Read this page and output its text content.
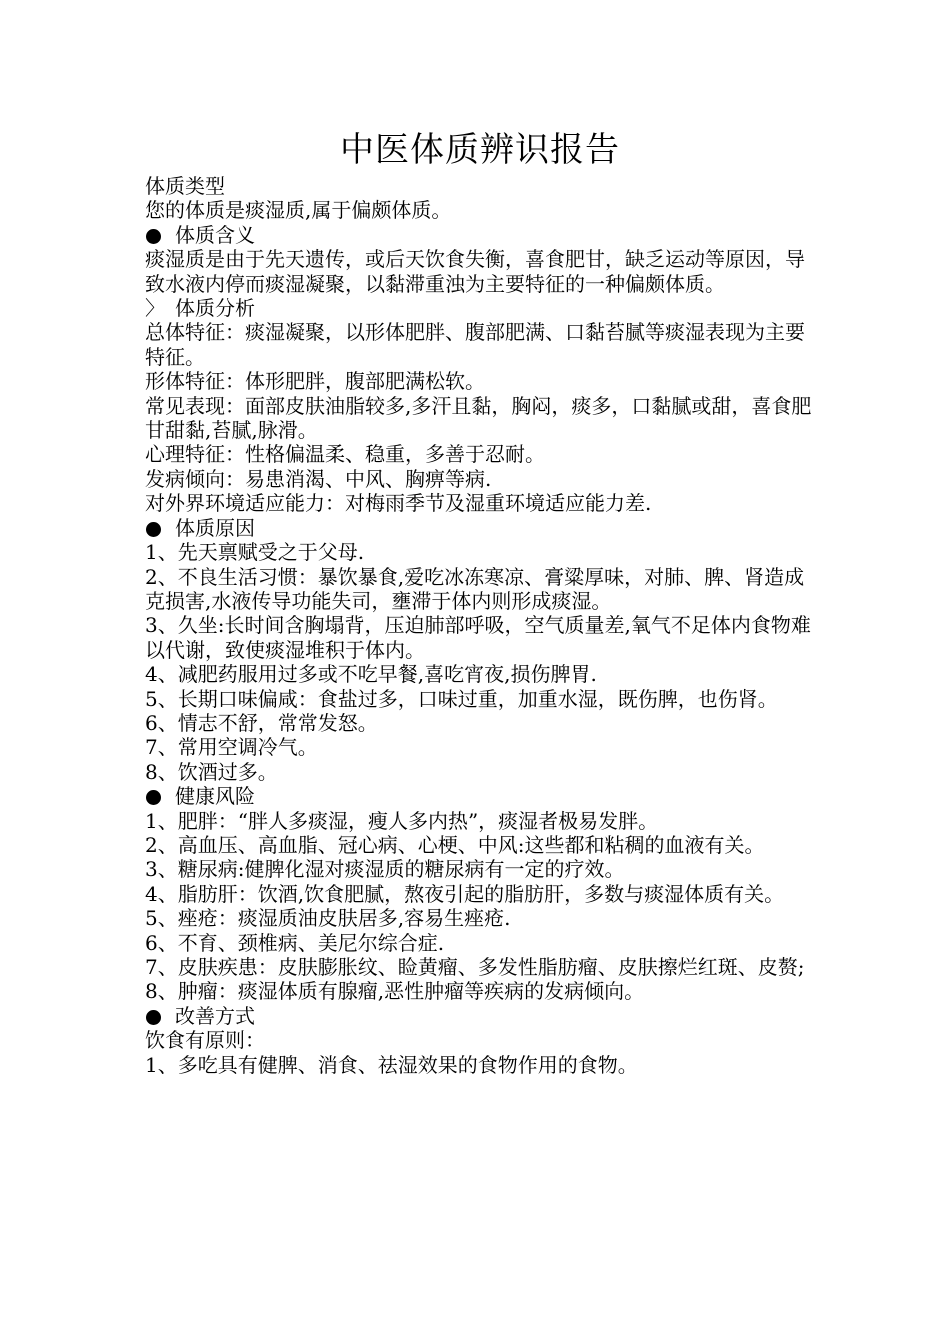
中医体质辨识报告

体质类型

您的体质是痰湿质,属于偏颇体质。

体质含义

痰湿质是由于先天遗传，或后天饮食失衡，喜食肥甘，缺乏运动等原因，导致水液内停而痰湿凝聚，以黏滞重浊为主要特征的一种偏颇体质。

〉 体质分析

总体特征：痰湿凝聚，以形体肥胖、腹部肥满、口黏苔腻等痰湿表现为主要特征。

形体特征：体形肥胖，腹部肥满松软。

常见表现：面部皮肤油脂较多,多汗且黏，胸闷，痰多，口黏腻或甜，喜食肥甘甜黏,苔腻,脉滑。

心理特征：性格偏温柔、稳重，多善于忍耐。

发病倾向：易患消渴、中风、胸痹等病.

对外界环境适应能力：对梅雨季节及湿重环境适应能力差.

体质原因

1、先天禀赋受之于父母.

2、不良生活习惯：暴饮暴食,爱吃冰冻寒凉、膏粱厚味，对肺、脾、肾造成克损害,水液传导功能失司，壅滞于体内则形成痰湿。

3、久坐:长时间含胸塌背，压迫肺部呼吸，空气质量差,氧气不足体内食物难以代谢，致使痰湿堆积于体内。

4、减肥药服用过多或不吃早餐,喜吃宵夜,损伤脾胃.

5、长期口味偏咸：食盐过多，口味过重，加重水湿，既伤脾，也伤肾。

6、情志不舒，常常发怒。

7、常用空调冷气。

8、饮酒过多。

健康风险

1、肥胖：“胖人多痰湿，瘦人多内热”，痰湿者极易发胖。

2、高血压、高血脂、冠心病、心梗、中风:这些都和粘稠的血液有关。

3、糖尿病:健脾化湿对痰湿质的糖尿病有一定的疗效。

4、脂肪肝：饮酒,饮食肥腻，熬夜引起的脂肪肝，多数与痰湿体质有关。

5、痤疮：痰湿质油皮肤居多,容易生痤疮.

6、不育、颈椎病、美尼尔综合症.

7、皮肤疾患：皮肤膨胀纹、睑黄瘤、多发性脂肪瘤、皮肤擦烂红斑、皮赘;

8、肿瘤：痰湿体质有腺瘤,恶性肿瘤等疾病的发病倾向。

改善方式

饮食有原则：

1、多吃具有健脾、消食、祛湿效果的食物作用的食物。
